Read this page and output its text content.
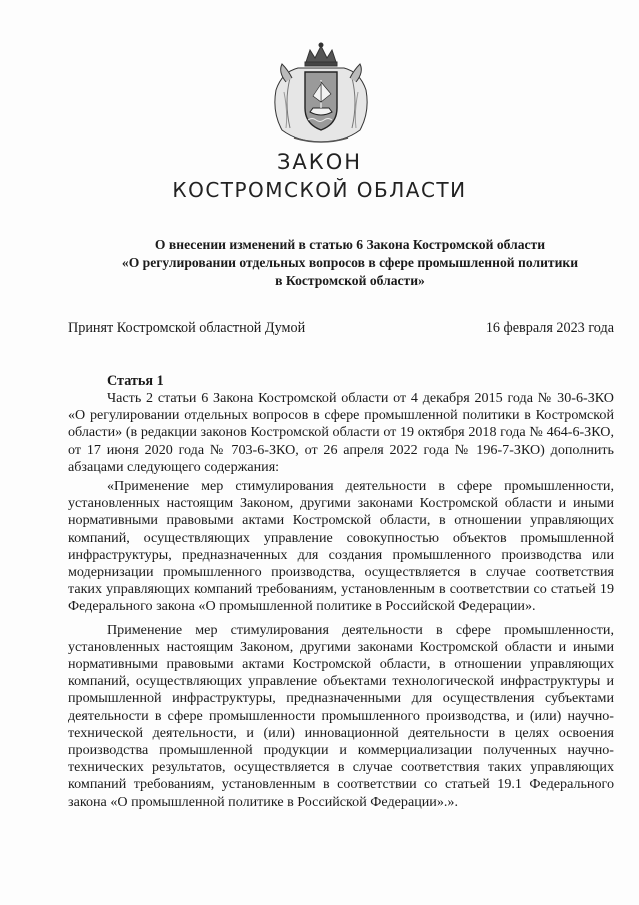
ЗАКОН
КОСТРОМСКОЙ ОБЛАСТИ
О внесении изменений в статью 6 Закона Костромской области
«О регулировании отдельных вопросов в сфере промышленной политики
в Костромской области»
Принят Костромской областной Думой	16 февраля 2023 года
Статья 1

Часть 2 статьи 6 Закона Костромской области от 4 декабря 2015 года № 30-6-ЗКО «О регулировании отдельных вопросов в сфере промышленной политики в Костромской области» (в редакции законов Костромской области от 19 октября 2018 года № 464-6-ЗКО, от 17 июня 2020 года № 703-6-ЗКО, от 26 апреля 2022 года № 196-7-ЗКО) дополнить абзацами следующего содержания:

«Применение мер стимулирования деятельности в сфере промышленности, установленных настоящим Законом, другими законами Костромской области и иными нормативными правовыми актами Костромской области, в отношении управляющих компаний, осуществляющих управление совокупностью объектов промышленной инфраструктуры, предназначенных для создания промышленного производства или модернизации промышленного производства, осуществляется в случае соответствия таких управляющих компаний требованиям, установленным в соответствии со статьей 19 Федерального закона «О промышленной политике в Российской Федерации».

Применение мер стимулирования деятельности в сфере промышленности, установленных настоящим Законом, другими законами Костромской области и иными нормативными правовыми актами Костромской области, в отношении управляющих компаний, осуществляющих управление объектами технологической инфраструктуры и промышленной инфраструктуры, предназначенными для осуществления субъектами деятельности в сфере промышленности промышленного производства, и (или) научно-технической деятельности, и (или) инновационной деятельности в целях освоения производства промышленной продукции и коммерциализации полученных научно-технических результатов, осуществляется в случае соответствия таких управляющих компаний требованиям, установленным в соответствии со статьей 19.1 Федерального закона «О промышленной политике в Российской Федерации».».
